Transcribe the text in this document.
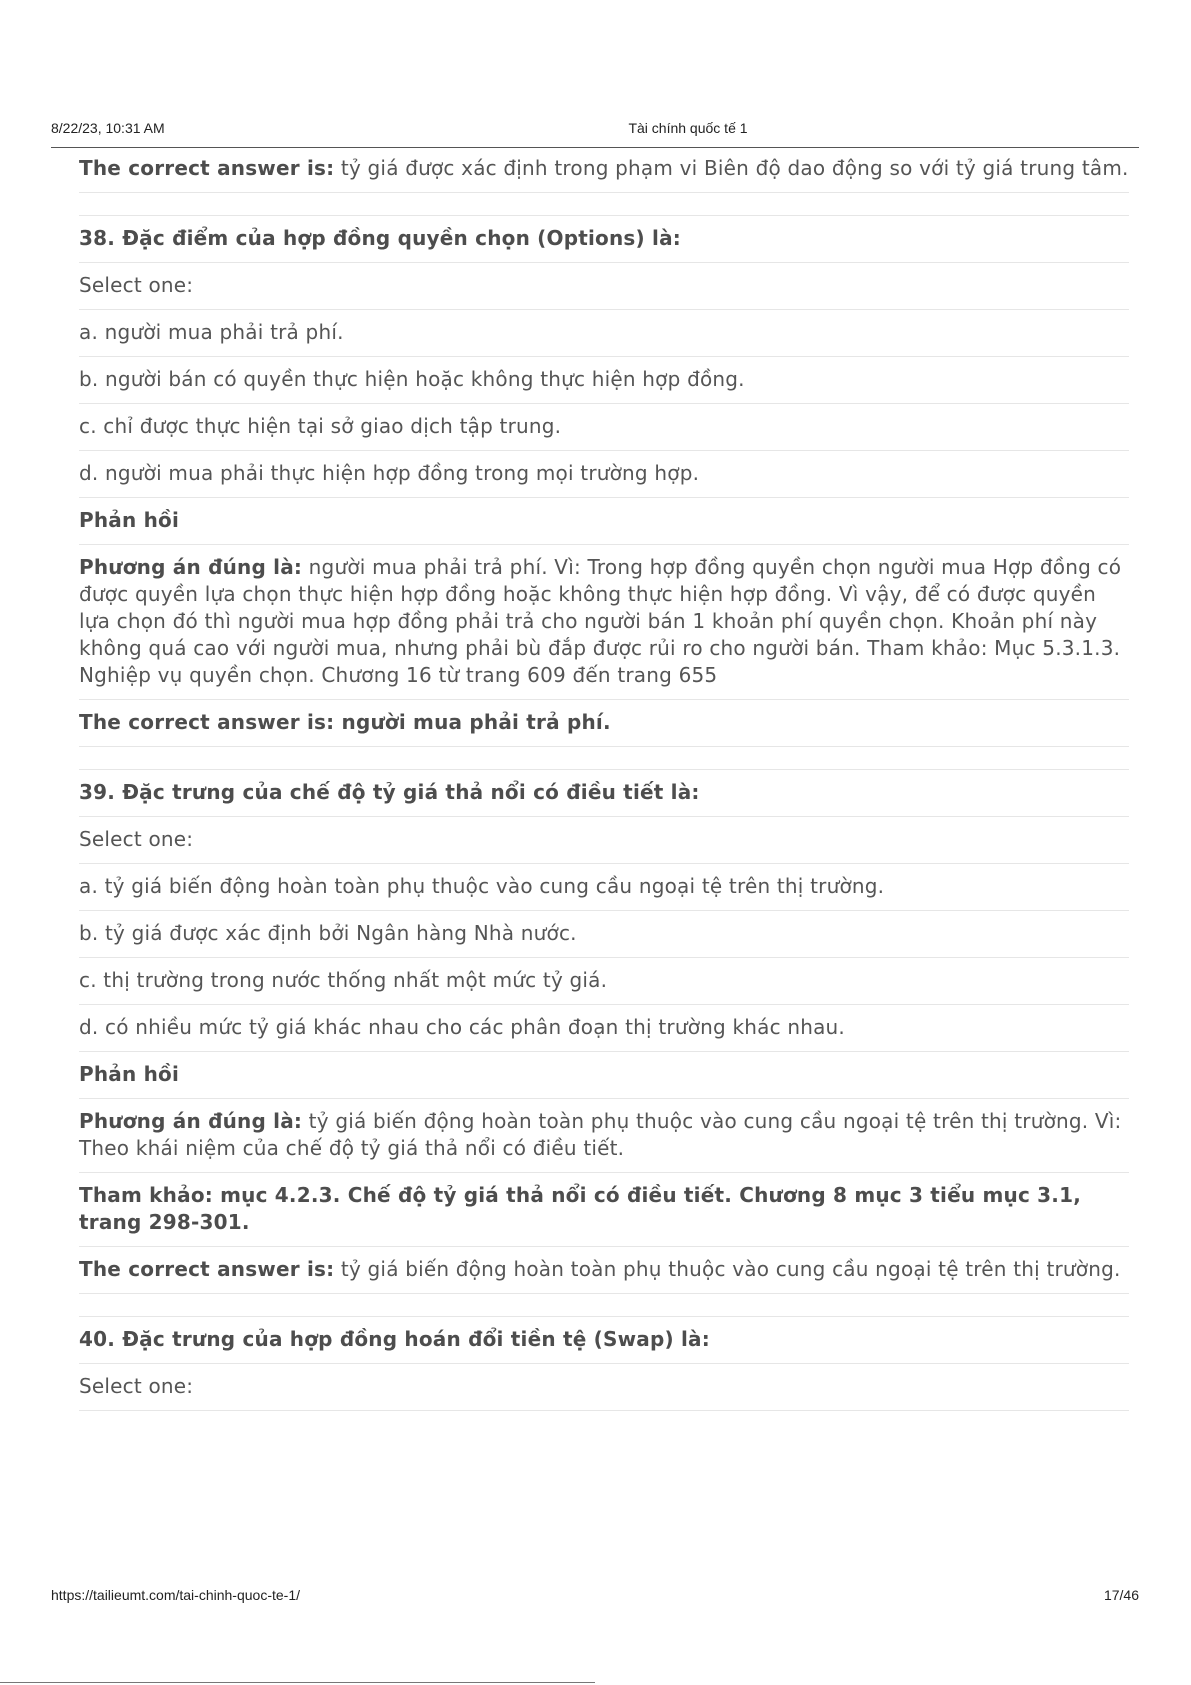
8/22/23, 10:31 AM	Tài chính quốc tế 1
The correct answer is: tỷ giá được xác định trong phạm vi Biên độ dao động so với tỷ giá trung tâm.
38. Đặc điểm của hợp đồng quyền chọn (Options) là:
Select one:
a. người mua phải trả phí.
b. người bán có quyền thực hiện hoặc không thực hiện hợp đồng.
c. chỉ được thực hiện tại sở giao dịch tập trung.
d. người mua phải thực hiện hợp đồng trong mọi trường hợp.
Phản hồi
Phương án đúng là: người mua phải trả phí. Vì: Trong hợp đồng quyền chọn người mua Hợp đồng có được quyền lựa chọn thực hiện hợp đồng hoặc không thực hiện hợp đồng. Vì vậy, để có được quyền lựa chọn đó thì người mua hợp đồng phải trả cho người bán 1 khoản phí quyền chọn. Khoản phí này không quá cao với người mua, nhưng phải bù đắp được rủi ro cho người bán. Tham khảo: Mục 5.3.1.3. Nghiệp vụ quyền chọn. Chương 16 từ trang 609 đến trang 655
The correct answer is: người mua phải trả phí.
39. Đặc trưng của chế độ tỷ giá thả nổi có điều tiết là:
Select one:
a. tỷ giá biến động hoàn toàn phụ thuộc vào cung cầu ngoại tệ trên thị trường.
b. tỷ giá được xác định bởi Ngân hàng Nhà nước.
c. thị trường trong nước thống nhất một mức tỷ giá.
d. có nhiều mức tỷ giá khác nhau cho các phân đoạn thị trường khác nhau.
Phản hồi
Phương án đúng là: tỷ giá biến động hoàn toàn phụ thuộc vào cung cầu ngoại tệ trên thị trường. Vì: Theo khái niệm của chế độ tỷ giá thả nổi có điều tiết.
Tham khảo: mục 4.2.3. Chế độ tỷ giá thả nổi có điều tiết. Chương 8 mục 3 tiểu mục 3.1, trang 298-301.
The correct answer is: tỷ giá biến động hoàn toàn phụ thuộc vào cung cầu ngoại tệ trên thị trường.
40. Đặc trưng của hợp đồng hoán đổi tiền tệ (Swap) là:
Select one:
https://tailieumt.com/tai-chinh-quoc-te-1/	17/46
